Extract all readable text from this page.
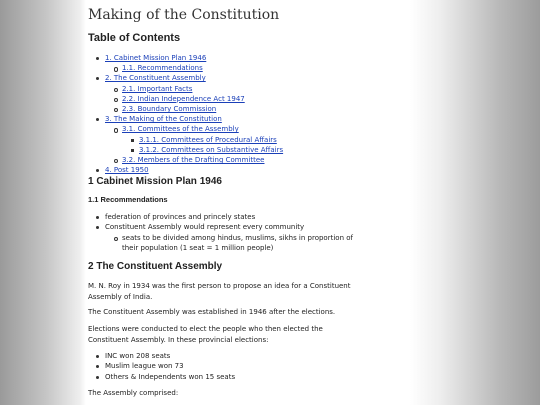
Making of the Constitution
Table of Contents
1. Cabinet Mission Plan 1946
1.1. Recommendations
2. The Constituent Assembly
2.1. Important Facts
2.2. Indian Independence Act 1947
2.3. Boundary Commission
3. The Making of the Constitution
3.1. Committees of the Assembly
3.1.1. Committees of Procedural Affairs
3.1.2. Committees on Substantive Affairs
3.2. Members of the Drafting Committee
4. Post 1950
1 Cabinet Mission Plan 1946
1.1 Recommendations
federation of provinces and princely states
Constituent Assembly would represent every community
seats to be divided among hindus, muslims, sikhs in proportion of
their population (1 seat = 1 million people)
2 The Constituent Assembly

M. N. Roy in 1934 was the first person to propose an idea for a Constituent Assembly of India.

The Constituent Assembly was established in 1946 after the elections.

Elections were conducted to elect the people who then elected the Constituent Assembly. In these provincial elections:

INC won 208 seats
Muslim league won 73
Others & Independents won 15 seats

The Assembly comprised:
